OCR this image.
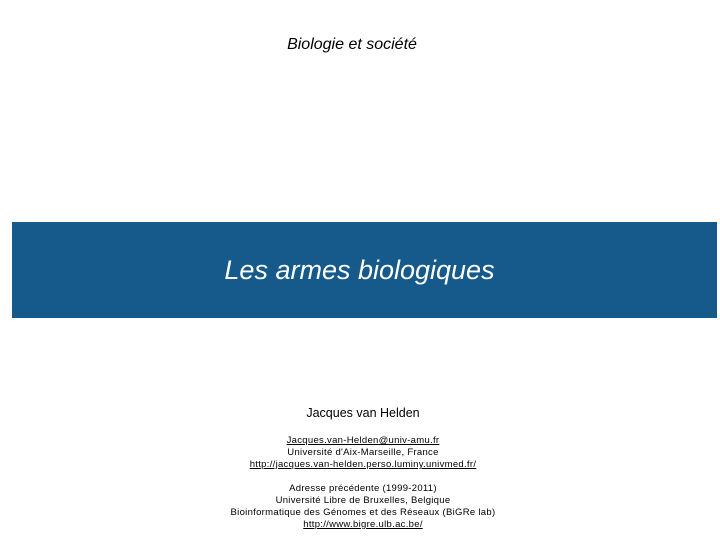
Biologie et société
Les armes biologiques
Jacques van Helden
Jacques.van-Helden@univ-amu.fr
Université d'Aix-Marseille, France
http://jacques.van-helden.perso.luminy.univmed.fr/
Adresse précédente (1999-2011)
Université Libre de Bruxelles, Belgique
Bioinformatique des Génomes et des Réseaux (BiGRe lab)
http://www.bigre.ulb.ac.be/
